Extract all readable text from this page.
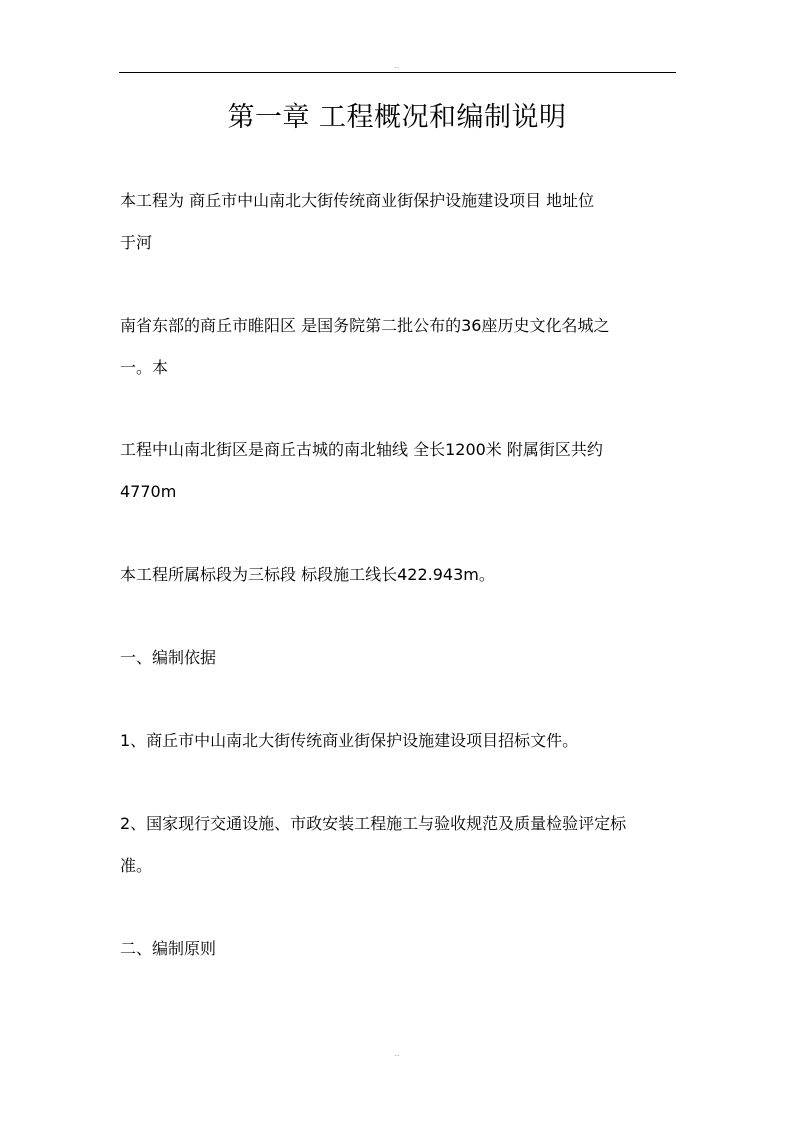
..
第一章 工程概况和编制说明
本工程为 商丘市中山南北大街传统商业街保护设施建设项目 地址位
于河
南省东部的商丘市睢阳区 是国务院第二批公布的36座历史文化名城之
一。本
工程中山南北街区是商丘古城的南北轴线 全长1200米 附属街区共约
4770m
本工程所属标段为三标段 标段施工线长422.943m。
一、编制依据
1、商丘市中山南北大街传统商业街保护设施建设项目招标文件。
2、国家现行交通设施、市政安装工程施工与验收规范及质量检验评定标
准。
二、编制原则
..
